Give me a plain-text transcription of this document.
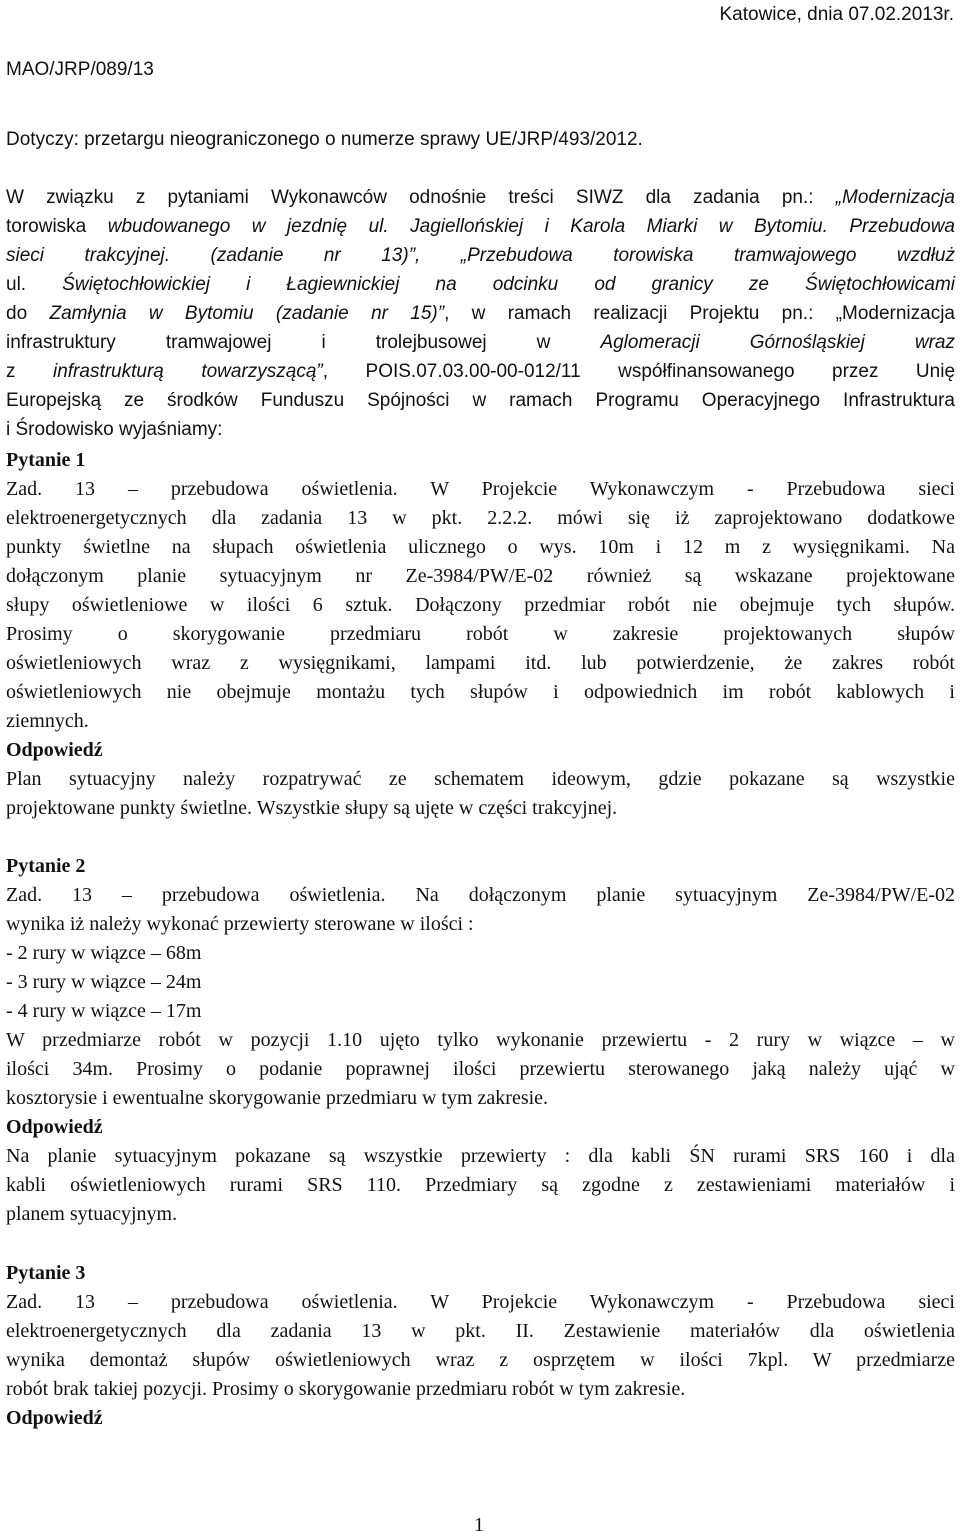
Katowice, dnia 07.02.2013r.
MAO/JRP/089/13
Dotyczy: przetargu nieograniczonego o numerze sprawy UE/JRP/493/2012.
W związku z pytaniami Wykonawców odnośnie treści SIWZ dla zadania pn.: „Modernizacja
torowiska wbudowanego w jezdnię ul. Jagiellońskiej i Karola Miarki w Bytomiu. Przebudowa
sieci trakcyjnej. (zadanie nr 13)”, „Przebudowa torowiska tramwajowego wzdłuż
ul. Świętochłowickiej i Łagiewnickiej na odcinku od granicy ze Świętochłowicami
do Zamłynia w Bytomiu (zadanie nr 15)”, w ramach realizacji Projektu pn.: „Modernizacja
infrastruktury tramwajowej i trolejbusowej w Aglomeracji Górnośląskiej wraz
z infrastrukturą towarzyszącą”, POIS.07.03.00-00-012/11 współfinansowanego przez Unię
Europejską ze środków Funduszu Spójności w ramach Programu Operacyjnego Infrastruktura
i Środowisko wyjaśniamy:
Pytanie 1
Zad. 13 – przebudowa oświetlenia. W Projekcie Wykonawczym - Przebudowa sieci
elektroenergetycznych dla zadania 13 w pkt. 2.2.2. mówi się iż zaprojektowano dodatkowe
punkty świetlne na słupach oświetlenia ulicznego o wys. 10m i 12 m z wysięgnikami. Na
dołączonym planie sytuacyjnym nr Ze-3984/PW/E-02 również są wskazane projektowane
słupy oświetleniowe w ilości 6 sztuk. Dołączony przedmiar robót nie obejmuje tych słupów.
Prosimy o skorygowanie przedmiaru robót w zakresie projektowanych słupów
oświetleniowych wraz z wysięgnikami, lampami itd. lub potwierdzenie, że zakres robót
oświetleniowych nie obejmuje montażu tych słupów i odpowiednich im robót kablowych i
ziemnych.
Odpowiedź
Plan sytuacyjny należy rozpatrywać ze schematem ideowym, gdzie pokazane są wszystkie
projektowane punkty świetlne. Wszystkie słupy są ujęte w części trakcyjnej.
Pytanie 2
Zad. 13 – przebudowa oświetlenia. Na dołączonym planie sytuacyjnym Ze-3984/PW/E-02
wynika iż należy wykonać przewierty sterowane w ilości :
- 2 rury w wiązce – 68m
- 3 rury w wiązce – 24m
- 4 rury w wiązce – 17m
W przedmiarze robót w pozycji 1.10 ujęto tylko wykonanie przewiertu - 2 rury w wiązce – w
ilości 34m. Prosimy o podanie poprawnej ilości przewiertu sterowanego jaką należy ująć w
kosztorysie i ewentualne skorygowanie przedmiaru w tym zakresie.
Odpowiedź
Na planie sytuacyjnym pokazane są wszystkie przewierty : dla kabli ŚN rurami SRS 160 i dla
kabli oświetleniowych rurami SRS 110. Przedmiary są zgodne z zestawieniami materiałów i
planem sytuacyjnym.
Pytanie 3
Zad. 13 – przebudowa oświetlenia. W Projekcie Wykonawczym - Przebudowa sieci
elektroenergetycznych dla zadania 13 w pkt. II. Zestawienie materiałów dla oświetlenia
wynika demontaż słupów oświetleniowych wraz z osprzętem w ilości 7kpl. W przedmiarze
robót brak takiej pozycji. Prosimy o skorygowanie przedmiaru robót w tym zakresie.
Odpowiedź
1
